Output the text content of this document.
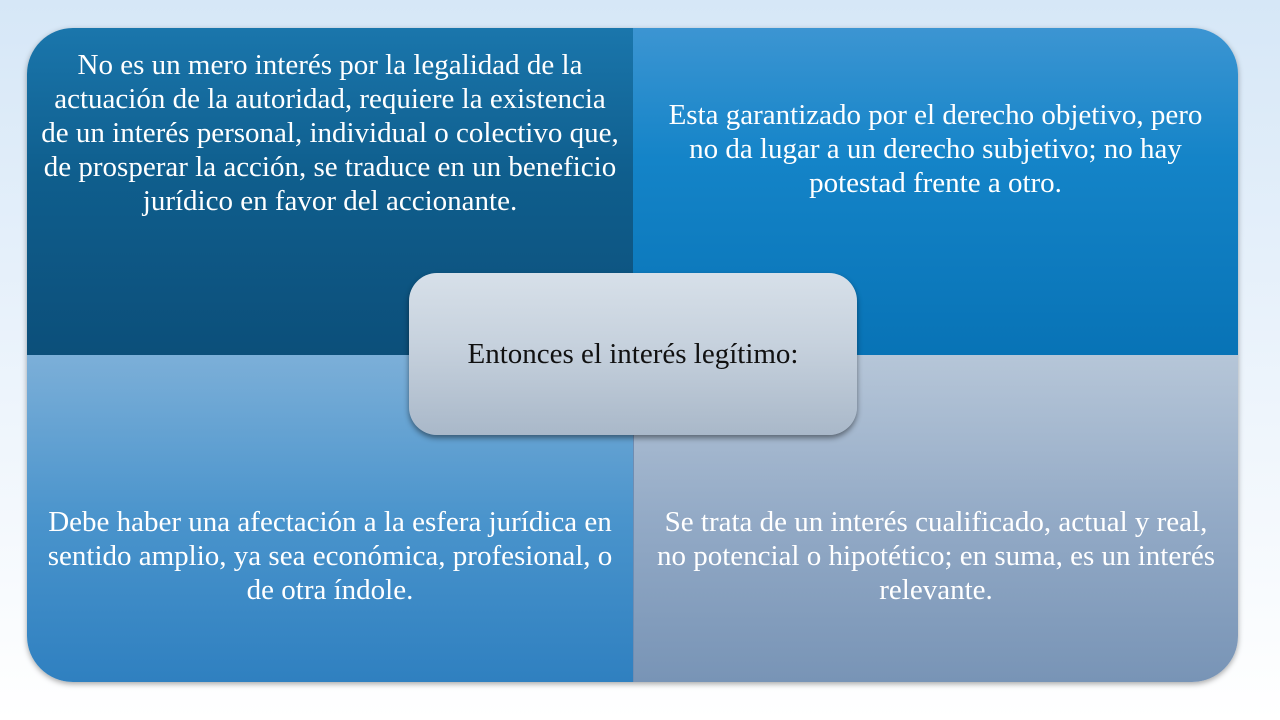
No es un mero interés por la legalidad de la actuación de la autoridad, requiere la existencia de un interés personal, individual o colectivo que, de prosperar la acción, se traduce en un beneficio jurídico en favor del accionante.
Esta garantizado por el derecho objetivo, pero no da lugar a un derecho subjetivo; no hay potestad frente a otro.
Debe haber una afectación a la esfera jurídica en sentido amplio, ya sea económica, profesional, o de otra índole.
Se trata de un interés cualificado, actual y real, no potencial o hipotético; en suma, es un interés relevante.
Entonces el interés legítimo:
